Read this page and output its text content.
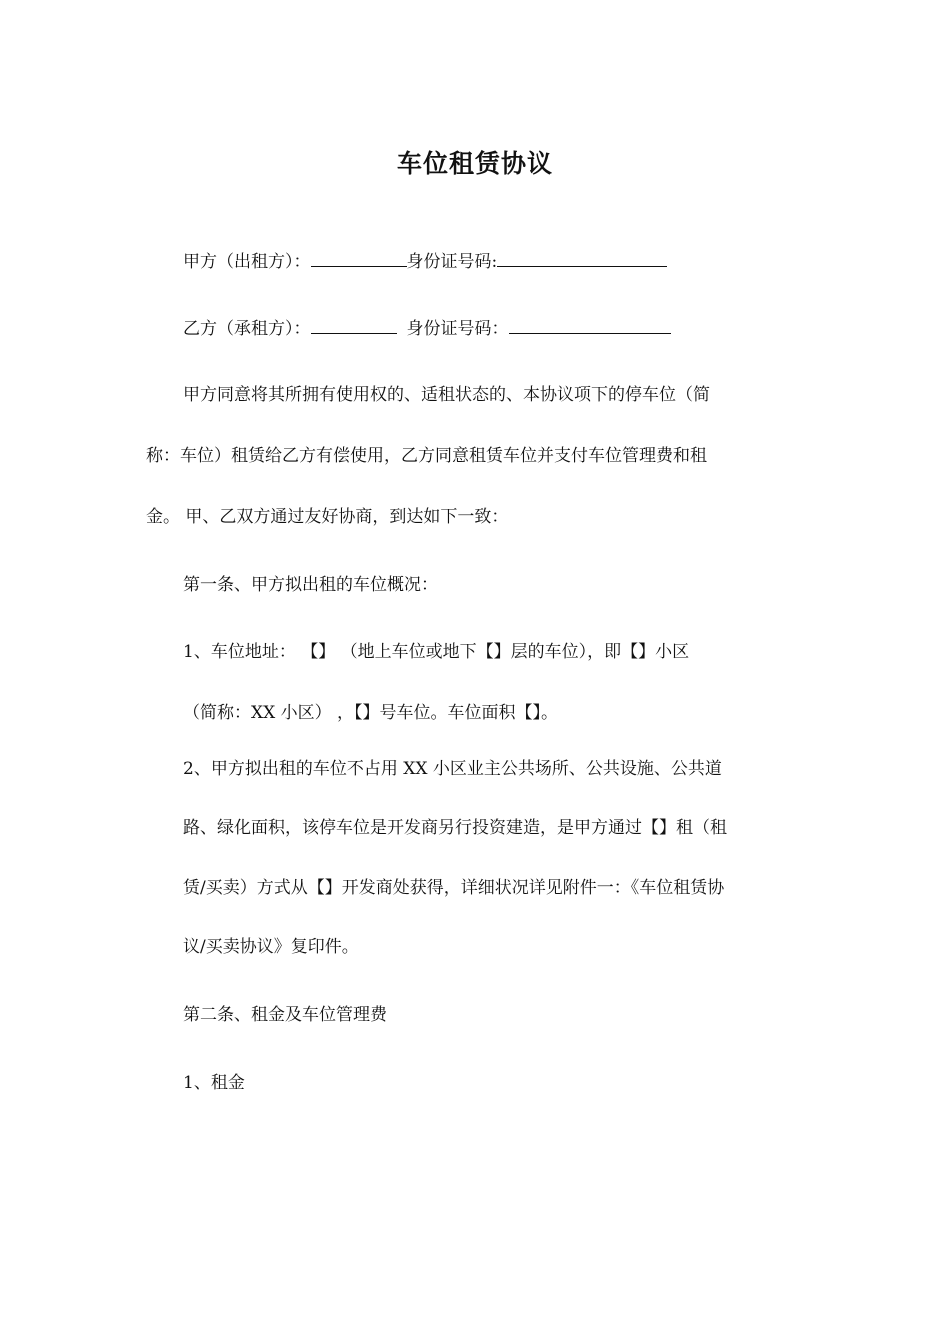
车位租赁协议
甲方（出租方）：	身份证号码:
乙方（承租方）：	身份证号码：
甲方同意将其所拥有使用权的、适租状态的、本协议项下的停车位（简
称：车位）租赁给乙方有偿使用，乙方同意租赁车位并支付车位管理费和租
金。 甲、乙双方通过友好协商，到达如下一致：
第一条、甲方拟出租的车位概况：
1、车位地址： 【】 （地上车位或地下【】层的车位），即【】小区
（简称：XX 小区） ，【】号车位。车位面积【】。
2、甲方拟出租的车位不占用 XX 小区业主公共场所、公共设施、公共道
路、绿化面积，该停车位是开发商另行投资建造，是甲方通过【】租（租
赁/买卖）方式从【】开发商处获得，详细状况详见附件一：《车位租赁协
议/买卖协议》复印件。
第二条、租金及车位管理费
1、租金
